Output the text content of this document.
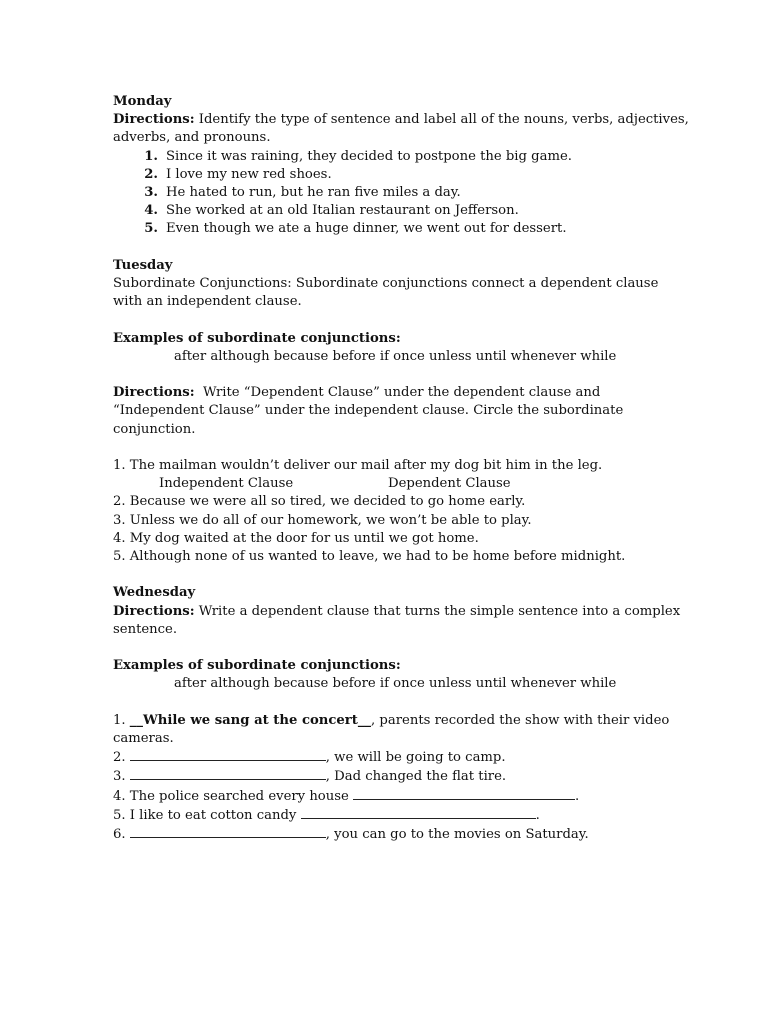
Monday
Directions: Identify the type of sentence and label all of the nouns, verbs, adjectives,
adverbs, and pronouns.
1. Since it was raining, they decided to postpone the big game.
2. I love my new red shoes.
3. He hated to run, but he ran five miles a day.
4. She worked at an old Italian restaurant on Jefferson.
5. Even though we ate a huge dinner, we went out for dessert.
Tuesday
Subordinate Conjunctions: Subordinate conjunctions connect a dependent clause
with an independent clause.
Examples of subordinate conjunctions:
after although because before if once unless until whenever while
Directions:  Write “Dependent Clause” under the dependent clause and
“Independent Clause” under the independent clause. Circle the subordinate
conjunction.
1. The mailman wouldn’t deliver our mail after my dog bit him in the leg.
Independent Clause	Dependent Clause
2. Because we were all so tired, we decided to go home early.
3. Unless we do all of our homework, we won’t be able to play.
4. My dog waited at the door for us until we got home.
5. Although none of us wanted to leave, we had to be home before midnight.
Wednesday
Directions: Write a dependent clause that turns the simple sentence into a complex
sentence.
Examples of subordinate conjunctions:
after although because before if once unless until whenever while
1. __While we sang at the concert__, parents recorded the show with their video
cameras.
2.	, we will be going to camp.
3.	, Dad changed the flat tire.
4. The police searched every house	.
5. I like to eat cotton candy	.
6.	, you can go to the movies on Saturday.
